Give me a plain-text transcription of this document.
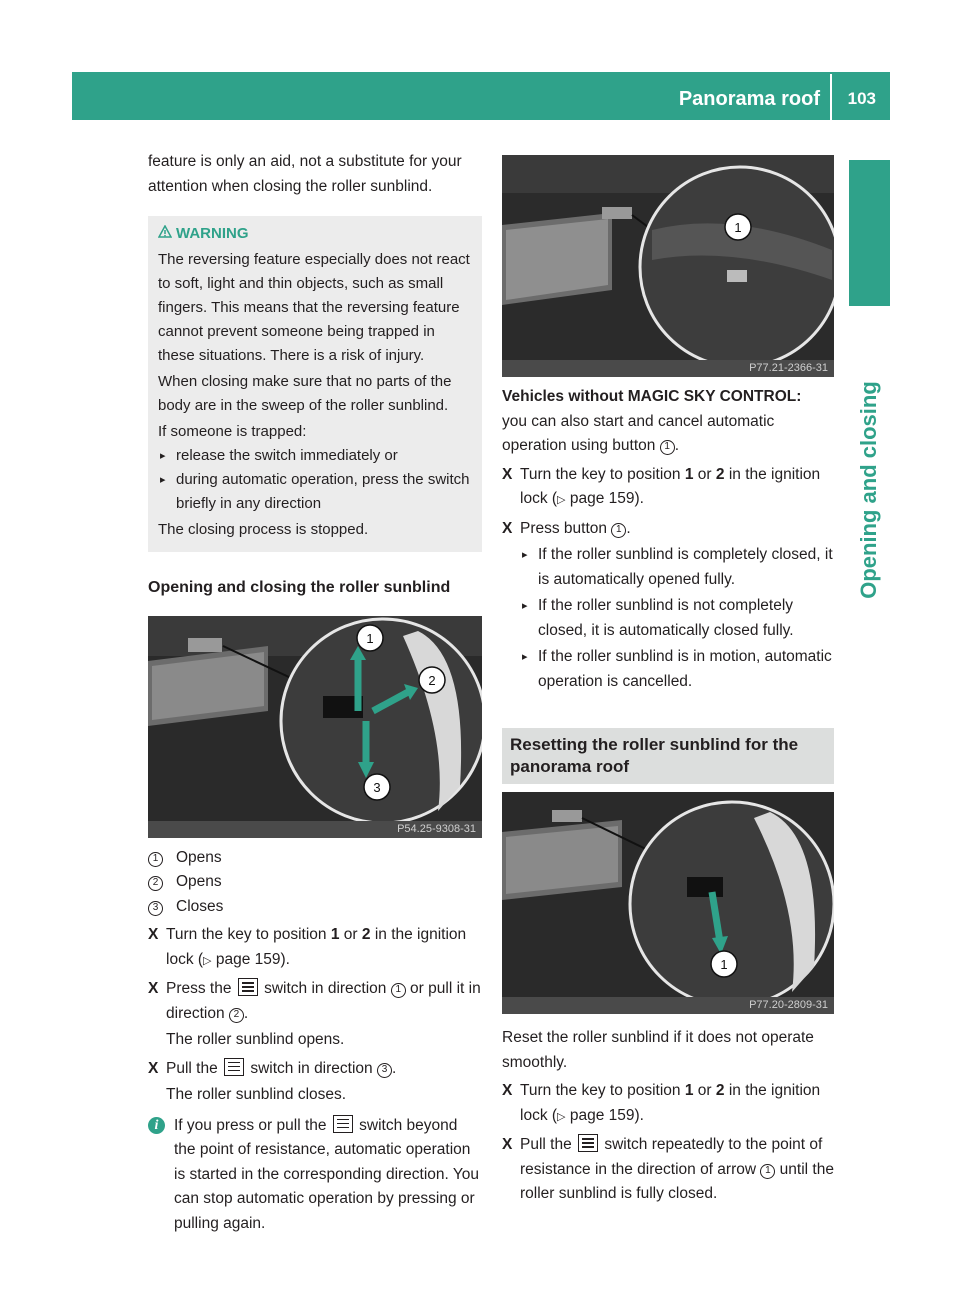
Panorama roof 103
Opening and closing

feature is only an aid, not a substitute for your attention when closing the roller sunblind.

WARNING

The reversing feature especially does not react to soft, light and thin objects, such as small fingers. This means that the reversing feature cannot prevent someone being trapped in these situations. There is a risk of injury.

When closing make sure that no parts of the body are in the sweep of the roller sunblind.

If someone is trapped:

▸ release the switch immediately or

▸ during automatic operation, press the switch briefly in any direction

The closing process is stopped.

Opening and closing the roller sunblind
1
2
3
P54.25-9308-31
1	Opens
2	Opens
3	Closes
X Turn the key to position 1 or 2 in the ignition lock (▷ page 159).
X Press the
switch in direction 1 or pull it in direction 2 .

The roller sunblind opens.

X Pull the
switch in direction 3 .

The roller sunblind closes.

i	If you press or pull the
switch beyond the point of resistance, automatic operation is started in the corresponding direction. You can stop automatic operation by pressing or pulling again.
1
P77.21-2366-31

Vehicles without MAGIC SKY CONTROL:

you can also start and cancel automatic operation using button 1 .

X Turn the key to position 1 or 2 in the ignition lock (▷ page 159).
X Press button 1 .
▸ If the roller sunblind is completely closed, it is automatically opened fully.
▸ If the roller sunblind is not completely closed, it is automatically closed fully.
▸ If the roller sunblind is in motion, automatic operation is cancelled.
Resetting the roller sunblind for the panorama roof
1
P77.20-2809-31

Reset the roller sunblind if it does not operate smoothly.

X Turn the key to position 1 or 2 in the ignition lock (▷ page 159).
X Pull the
switch repeatedly to the point of resistance in the direction of arrow 1 until the roller sunblind is fully closed.
